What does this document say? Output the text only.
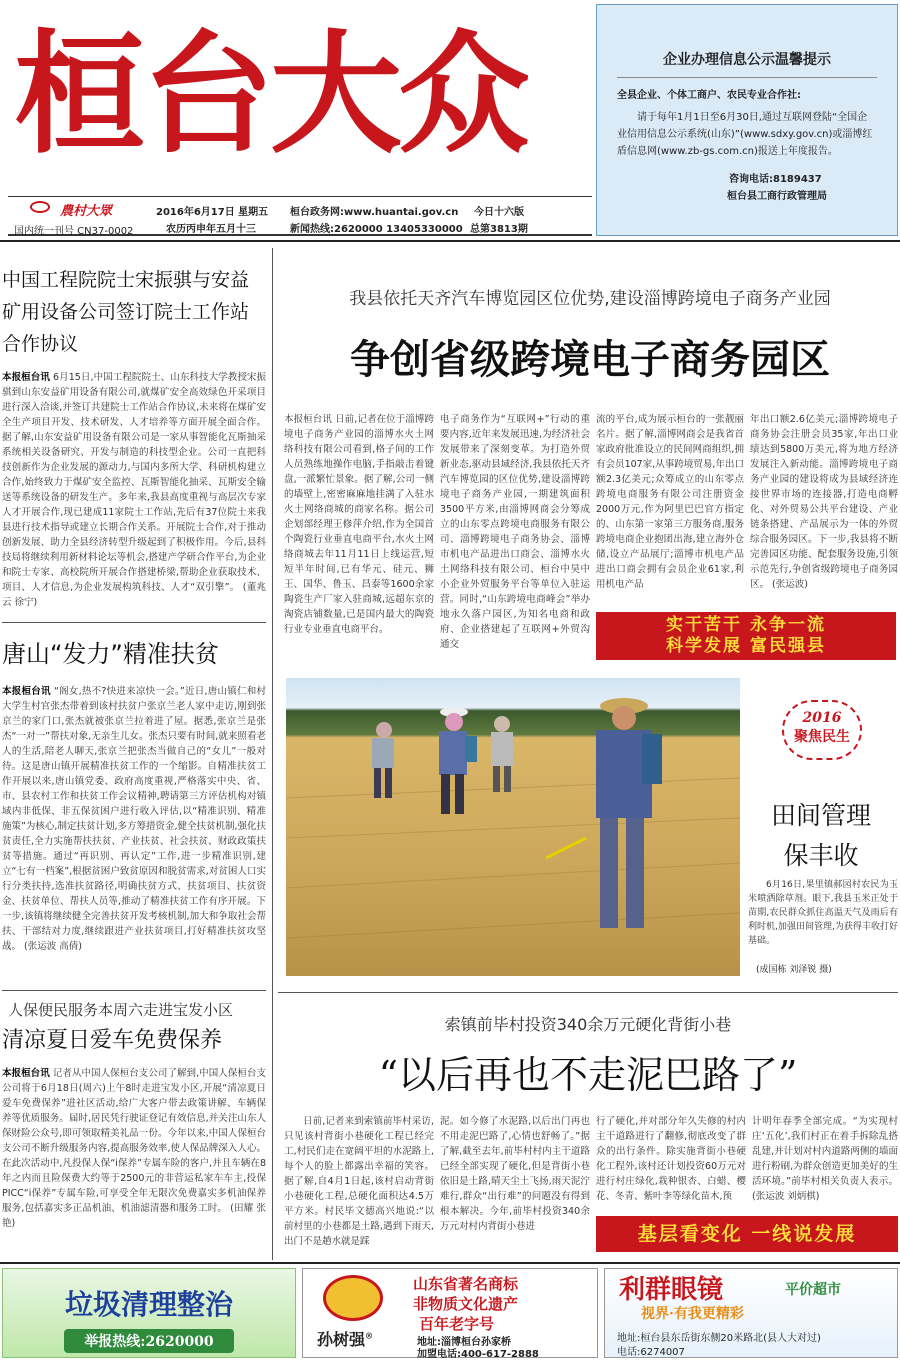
桓台大众
農村大眾
国内统一刊号 CN37-0002
2016年6月17日 星期五
农历丙申年五月十三
桓台政务网:www.huantai.gov.cn
新闻热线:2620000 13405330000
今日十六版
总第3813期
企业办理信息公示温馨提示
全县企业、个体工商户、农民专业合作社:
请于每年1月1日至6月30日,通过互联网登陆“全国企业信用信息公示系统(山东)”(www.sdxy.gov.cn)或淄博红盾信息网(www.zb-gs.com.cn)报送上年度报告。
咨询电话:8189437
桓台县工商行政管理局
中国工程院院士宋振骐与安益矿用设备公司签订院士工作站合作协议
本报桓台讯 6月15日,中国工程院院士、山东科技大学教授宋振骐到山东安益矿用设备有限公司,就煤矿安全高效绿色开采项目进行深入洽谈,并签订共建院士工作站合作协议,未来将在煤矿安全生产项目开发、技术研发、人才培养等方面开展全面合作。据了解,山东安益矿用设备有限公司是一家从事智能化瓦斯抽采系统相关设备研究、开发与制造的科技型企业。公司一直把科技创新作为企业发展的源动力,与国内多所大学、科研机构建立合作,始终致力于煤矿安全监控、瓦斯智能化抽采、瓦斯安全输送等系统设备的研发生产。多年来,我县高度重视与高层次专家人才开展合作,现已建成11家院士工作站,先后有37位院士来我县进行技术指导或建立长期合作关系。开展院士合作,对于推动创新发展、助力全县经济转型升级起到了积极作用。今后,县科技局将继续利用新材料论坛等机会,搭建产学研合作平台,为企业和院士专家、高校院所开展合作搭建桥梁,帮助企业获取技术、项目、人才信息,为企业发展构筑科技、人才“双引擎”。 (董兆云 徐宁)
唐山“发力”精准扶贫
本报桓台讯 “阁女,热不?快进来凉快一会。”近日,唐山镇仁和村大学生村官张杰带着到该村扶贫户张京兰老人家中走访,刚到张京兰的家门口,张杰就被张京兰拉着进了屋。据悉,张京兰是张杰“一对一”帮扶对象,无亲生儿女。张杰只要有时间,就来照看老人的生活,陪老人聊天,张京兰把张杰当做自己的“女儿”一般对待。这是唐山镇开展精准扶贫工作的一个缩影。自精准扶贫工作开展以来,唐山镇党委、政府高度重视,严格落实中央、省、市、县农村工作和扶贫工作会议精神,聘请第三方评估机构对镇域内非低保、非五保贫困户进行收入评估,以“精准识别、精准施策”为核心,制定扶贫计划,多方筹措资金,健全扶贫机制,强化扶贫责任,全力实施帮扶扶贫、产业扶贫、社会扶贫、财政政策扶贫等措施。通过“再识别、再认定”工作,进一步精准识别,建立“七有一档案”,根据贫困户致贫原因和脱贫需求,对贫困人口实行分类扶持,选准扶贫路径,明确扶贫方式、扶贫项目、扶贫资金、扶贫单位、帮扶人员等,推动了精准扶贫工作有序开展。下一步,该镇将继续健全完善扶贫开发考核机制,加大和争取社会帮扶、干部结对力度,继续跟进产业扶贫项目,打好精准扶贫攻坚战。 (张运波 高倩)
人保便民服务本周六走进宝发小区
清凉夏日爱车免费保养
本报桓台讯 记者从中国人保桓台支公司了解到,中国人保桓台支公司将于6月18日(周六)上午8时走进宝发小区,开展“清凉夏日爱车免费保养”进社区活动,给广大客户带去政策讲解、车辆保养等优质服务。届时,居民凭行驶证登记有效信息,并关注山东人保财险公众号,即可领取精美礼品一份。今年以来,中国人保桓台支公司不断升级服务内容,提高服务效率,使人保品牌深入人心。在此次活动中,凡投保人保“i保养”专属车险的客户,并且车辆在8年之内而且险保费大约等于2500元的非营运私家车车主,投保PICC“i保养”专属车险,可享受全年无限次免费嘉实多机油保养服务,包括嘉实多正品机油、机油滤清器和服务工时。 (田耀 张艳)
我县依托天齐汽车博览园区位优势,建设淄博跨境电子商务产业园
争创省级跨境电子商务园区
本报桓台讯 日前,记者在位于淄博跨境电子商务产业园的淄博水火土网络科技有限公司看到,格子间的工作人员熟练地操作电脑,手指敲击着键盘,一派繁忙景象。据了解,公司一侧的墙壁上,密密麻麻地挂满了入驻水火土网络商城的商家名称。据公司企划部经理王修萍介绍,作为全国首个陶瓷行业垂直电商平台,水火土网络商城去年11月11日上线运营,短短半年时间,已有华元、硅元、狮王、国华、鲁玉、昌泰等1600余家陶瓷生产厂家入驻商城,远超东京的淘瓷店铺数量,已是国内最大的陶瓷行业专业垂直电商平台。
电子商务作为“互联网+”行动的重要内容,近年来发展迅速,为经济社会发展带来了深刻变革。为打造外贸新业态,驱动县域经济,我县依托天齐汽车博览园的区位优势,建设淄博跨境电子商务产业园,一期建筑面积3500平方米,由淄博网商会分筹成立的山东零点跨境电商服务有限公司、淄博跨境电子商务协会、淄博市机电产品进出口商会、淄博水火土网络科技有限公司、桓台中昊中小企业外贸服务平台等单位入驻运营。同时,“山东跨境电商峰会”举办地永久落户园区,为知名电商和政府、企业搭建起了互联网+外贸沟通交
流的平台,成为展示桓台的一张靓丽名片。据了解,淄博网商会是我省首家政府批准设立的民间网商组织,拥有会员107家,从事跨境贸易,年出口额2.3亿美元;众筹成立的山东零点跨境电商服务有限公司注册资金2000万元,作为阿里巴巴官方指定的、山东第一家第三方服务商,服务跨境电商企业抱团出海,建立海外仓储,设立产品展厅;淄博市机电产品进出口商会拥有会员企业61家,利用机电产品
年出口额2.6亿美元;淄博跨境电子商务协会注册会员35家,年出口业绩达到5800万美元,将为地方经济发展注入新动能。淄博跨境电子商务产业园的建设将成为县域经济连接世界市场的连接器,打造电商孵化、对外贸易公共平台建设、产业链条搭建、产品展示为一体的外贸综合服务园区。下一步,我县将不断完善园区功能、配套服务设施,引领示范先行,争创省级跨境电子商务园区。 (张运波)
实干苦干 永争一流
科学发展 富民强县
2016
聚焦民生
田间管理
保丰收
6月16日,果里镇郝园村农民为玉米喷洒除草剂。眼下,我县玉米正处于苗期,农民群众抓住高温天气及雨后有利时机,加强田间管理,为获得丰收打好基础。
(成国栋 刘泽锐 摄)
索镇前毕村投资340余万元硬化背街小巷
“以后再也不走泥巴路了”
日前,记者来到索镇前毕村采访,只见该村背街小巷硬化工程已经完工,村民们走在宽阔平坦的水泥路上,每个人的脸上都露出幸福的笑容。据了解,自4月1日起,该村启动背街小巷硬化工程,总硬化面积达4.5万平方米。村民毕文德高兴地说:“以前村里的小巷都是土路,遇到下雨天,出门不是趟水就是踩
泥。如今修了水泥路,以后出门再也不用走泥巴路了,心情也舒畅了。”据了解,截至去年,前毕村村内主干道路已经全部实现了硬化,但是背街小巷依旧是土路,晴天尘土飞扬,雨天泥泞难行,群众“出行难”的问题没有得到根本解决。今年,前毕村投资340余万元对村内背街小巷进
行了硬化,并对部分年久失修的村内主干道路进行了翻修,彻底改变了群众的出行条件。除实施背街小巷硬化工程外,该村还计划投资60万元对进行村庄绿化,栽种银杏、白蜡、樱花、冬青、紫叶李等绿化苗木,预
计明年春季全部完成。“为实现村庄‘五化’,我们村正在着手拆除乱搭乱建,并计划对村内道路两侧的墙面进行粉刷,为群众创造更加美好的生活环境。”前毕村相关负责人表示。 (张运波 刘炳棋)
基层看变化 一线说发展
垃圾清理整治
举报热线:2620000	孙树强®
山东省著名商标
非物质文化遗产
百年老字号
地址:淄博桓台孙家桥
加盟电话:400-617-2888
利群眼镜	平价超市
视界·有我更精彩
地址:桓台县东岳街东侧20米路北(县人大对过)
电话:6274007
